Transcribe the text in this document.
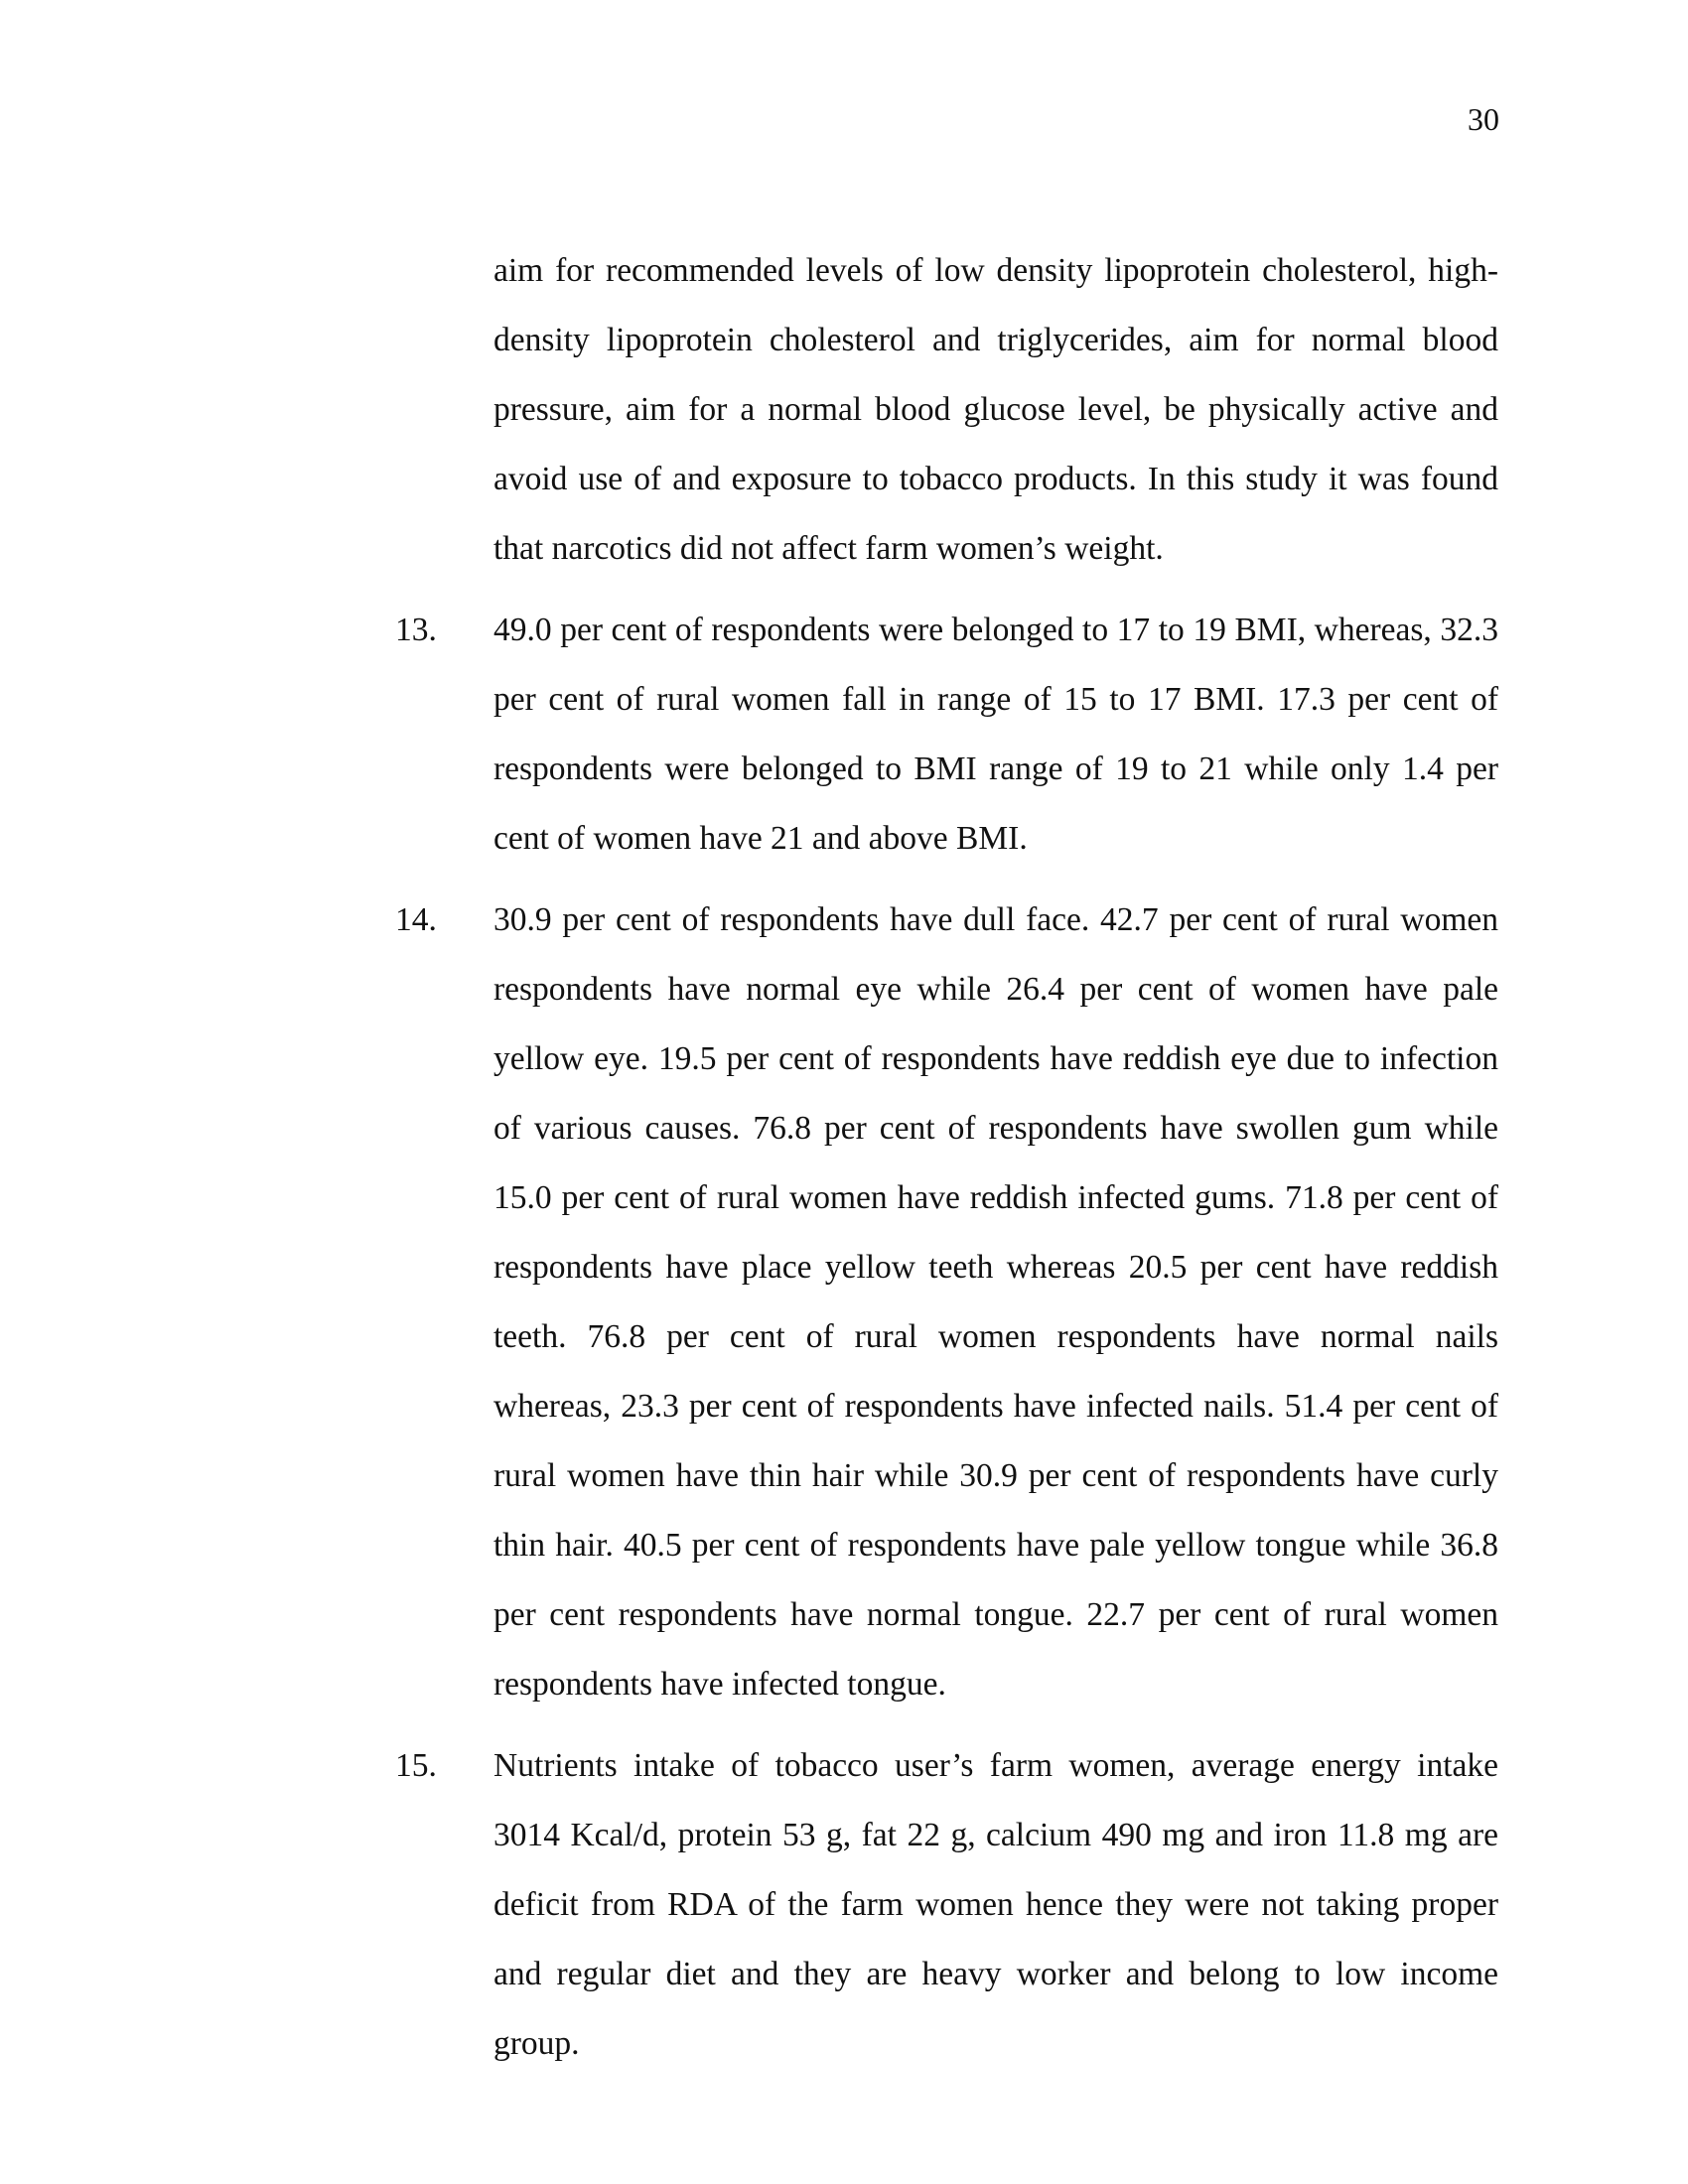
30

aim for recommended levels of low density lipoprotein cholesterol, high-density lipoprotein cholesterol and triglycerides, aim for normal blood pressure, aim for a normal blood glucose level, be physically active and avoid use of and exposure to tobacco products. In this study it was found that narcotics did not affect farm women’s weight.

13. 49.0 per cent of respondents were belonged to 17 to 19 BMI, whereas, 32.3 per cent of rural women fall in range of 15 to 17 BMI. 17.3 per cent of respondents were belonged to BMI range of 19 to 21 while only 1.4 per cent of women have 21 and above BMI.

14. 30.9 per cent of respondents have dull face. 42.7 per cent of rural women respondents have normal eye while 26.4 per cent of women have pale yellow eye. 19.5 per cent of respondents have reddish eye due to infection of various causes. 76.8 per cent of respondents have swollen gum while 15.0 per cent of rural women have reddish infected gums. 71.8 per cent of respondents have place yellow teeth whereas 20.5 per cent have reddish teeth. 76.8 per cent of rural women respondents have normal nails whereas, 23.3 per cent of respondents have infected nails. 51.4 per cent of rural women have thin hair while 30.9 per cent of respondents have curly thin hair. 40.5 per cent of respondents have pale yellow tongue while 36.8 per cent respondents have normal tongue. 22.7 per cent of rural women respondents have infected tongue.

15. Nutrients intake of tobacco user’s farm women, average energy intake 3014 Kcal/d, protein 53 g, fat 22 g, calcium 490 mg and iron 11.8 mg are deficit from RDA of the farm women hence they were not taking proper and regular diet and they are heavy worker and belong to low income group.
